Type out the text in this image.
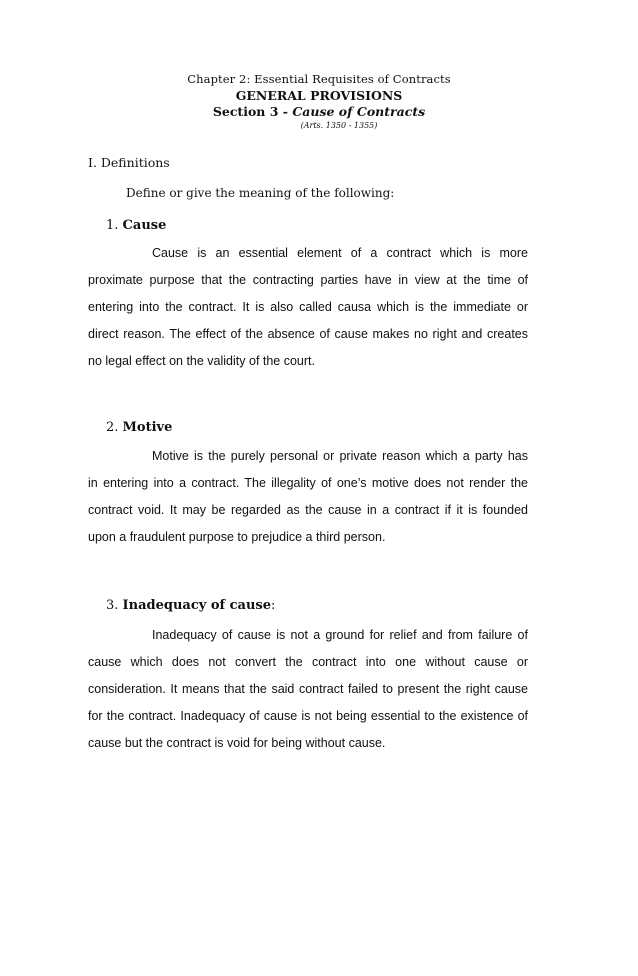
Chapter 2: Essential Requisites of Contracts
GENERAL PROVISIONS
Section 3 - Cause of Contracts
(Arts. 1350 - 1355)
I. Definitions
Define or give the meaning of the following:
1. Cause
Cause is an essential element of a contract which is more
proximate purpose that the contracting parties have in view at the time of
entering into the contract. It is also called causa which is the immediate or
direct reason. The effect of the absence of cause makes no right and creates
no legal effect on the validity of the court.
2. Motive
Motive is the purely personal or private reason which a party has
in entering into a contract. The illegality of one’s motive does not render the
contract void. It may be regarded as the cause in a contract if it is founded
upon a fraudulent purpose to prejudice a third person.
3. Inadequacy of cause:
Inadequacy of cause is not a ground for relief and from failure of
cause which does not convert the contract into one without cause or
consideration. It means that the said contract failed to present the right cause
for the contract. Inadequacy of cause is not being essential to the existence of
cause but the contract is void for being without cause.
